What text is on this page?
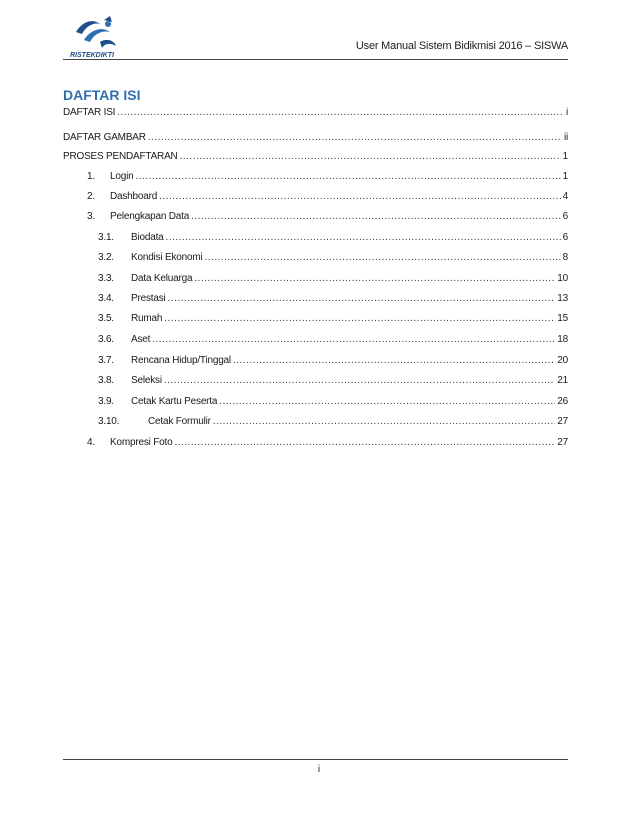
RISTEKDIKTI
User Manual Sistem Bidikmisi 2016 – SISWA
DAFTAR ISI
DAFTAR ISI .....	i
DAFTAR GAMBAR .....	ii
PROSES PENDAFTARAN .....	1
1.	Login .....	1
2.	Dashboard .....	4
3.	Pelengkapan Data .....	6
3.1.	Biodata .....	6
3.2.	Kondisi Ekonomi .....	8
3.3.	Data Keluarga .....	10
3.4.	Prestasi .....	13
3.5.	Rumah .....	15
3.6.	Aset .....	18
3.7.	Rencana Hidup/Tinggal .....	20
3.8.	Seleksi .....	21
3.9.	Cetak Kartu Peserta .....	26
3.10.	Cetak Formulir .....	27
4.	Kompresi Foto .....	27
i
